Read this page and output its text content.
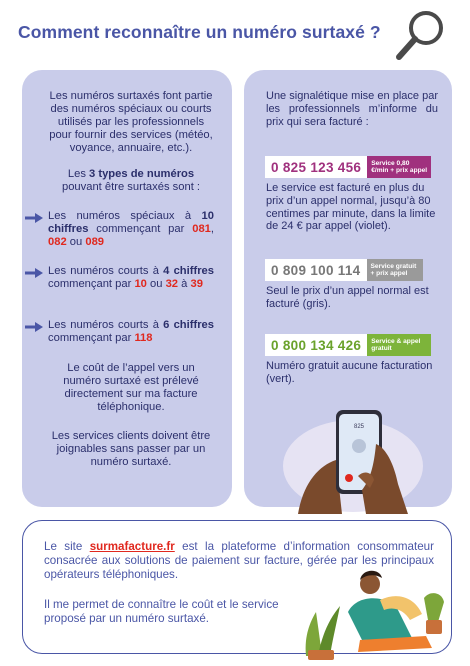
Comment reconnaître un numéro surtaxé ?
Les numéros surtaxés font partie des numéros spéciaux ou courts utilisés par les professionnels pour fournir des services (météo, voyance, annuaire, etc.).
Les 3 types de numéros pouvant être surtaxés sont :
Les numéros spéciaux à 10 chiffres commençant par 081, 082 ou 089
Les numéros courts à 4 chiffres commençant par 10 ou 32 à 39
Les numéros courts à 6 chiffres commençant par 118
Le coût de l’appel vers un numéro surtaxé est prélevé directement sur ma facture téléphonique.
Les services clients doivent être joignables sans passer par un numéro surtaxé.
Une signalétique mise en place par les professionnels m’informe du prix qui sera facturé :
0 825 123 456	Service 0,80 €/min + prix appel
Le service est facturé en plus du prix d’un appel normal, jusqu’à 80 centimes par minute, dans la limite de 24 € par appel (violet).
0 809 100 114	Service gratuit + prix appel
Seul le prix d’un appel normal est facturé (gris).
0 800 134 426	Service & appel gratuit
Numéro gratuit aucune facturation (vert).
825
Le site surmafacture.fr est la plateforme d’information consommateur consacrée aux solutions de paiement sur facture, gérée par les principaux opérateurs téléphoniques.
Il me permet de connaître le coût et le service proposé par un numéro surtaxé.
